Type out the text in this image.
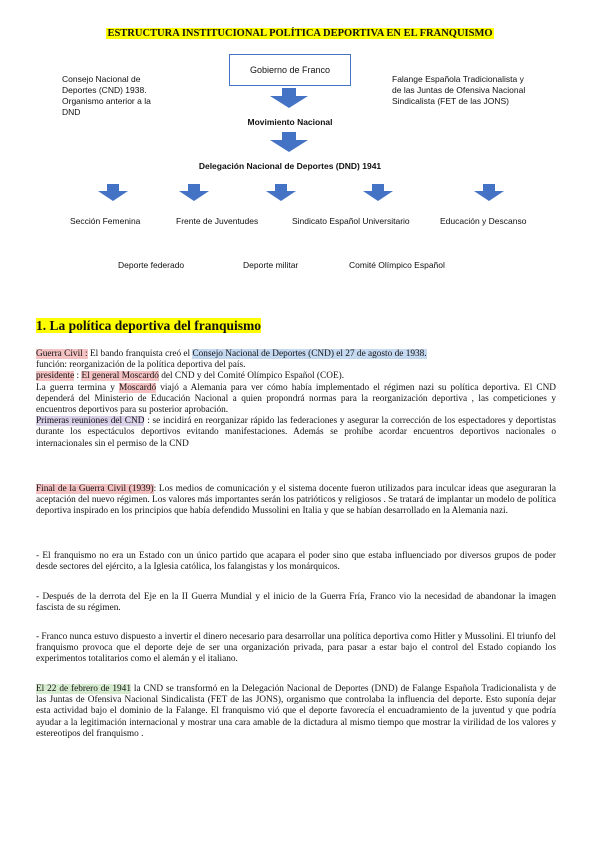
ESTRUCTURA INSTITUCIONAL POLÍTICA DEPORTIVA EN EL FRANQUISMO
Gobierno de Franco
Consejo Nacional de
Deportes (CND) 1938.
Organismo anterior a la
DND
Falange Española Tradicionalista y
de las Juntas de Ofensiva Nacional
Sindicalista (FET de las JONS)
Movimiento Nacional
Delegación Nacional de Deportes (DND) 1941
Sección Femenina	Frente de Juventudes	Sindicato Español Universitario	Educación y Descanso
Deporte federado	Deporte militar	Comité Olímpico Español
1. La política deportiva del franquismo
Guerra Civil : El bando franquista creó el Consejo Nacional de Deportes (CND) el 27 de agosto de 1938.
función: reorganización de la política deportiva del país.
presidente : El general Moscardó del CND y del Comité Olímpico Español (COE).
La guerra termina y Moscardó viajó a Alemania para ver cómo había implementado el régimen nazi su política deportiva. El CND dependerá del Ministerio de Educación Nacional a quien propondrá normas para la reorganización deportiva , las competiciones y encuentros deportivos para su posterior aprobación.
Primeras reuniones del CND : se incidirá en reorganizar rápido las federaciones y asegurar la corrección de los espectadores y deportistas durante los espectáculos deportivos evitando manifestaciones. Además se prohíbe acordar encuentros deportivos nacionales o internacionales sin el permiso de la CND
Final de la Guerra Civil (1939): Los medios de comunicación y el sistema docente fueron utilizados para inculcar ideas que aseguraran la aceptación del nuevo régimen. Los valores más importantes serán los patrióticos y religiosos . Se tratará de implantar un modelo de política deportiva inspirado en los principios que había defendido Mussolini en Italia y que se habían desarrollado en la Alemania nazi.
- El franquismo no era un Estado con un único partido que acapara el poder sino que estaba influenciado por diversos grupos de poder desde sectores del ejército, a la Iglesia católica, los falangistas y los monárquicos.
- Después de la derrota del Eje en la II Guerra Mundial y el inicio de la Guerra Fría, Franco vio la necesidad de abandonar la imagen fascista de su régimen.
- Franco nunca estuvo dispuesto a invertir el dinero necesario para desarrollar una política deportiva como Hitler y Mussolini. El triunfo del franquismo provoca que el deporte deje de ser una organización privada, para pasar a estar bajo el control del Estado copiando los experimentos totalitarios como el alemán y el italiano.
El 22 de febrero de 1941 la CND se transformó en la Delegación Nacional de Deportes (DND) de Falange Española Tradicionalista y de las Juntas de Ofensiva Nacional Sindicalista (FET de las JONS), organismo que controlaba la influencia del deporte. Esto suponía dejar esta actividad bajo el dominio de la Falange. El franquismo vió que el deporte favorecía el encuadramiento de la juventud y que podría ayudar a la legitimación internacional y mostrar una cara amable de la dictadura al mismo tiempo que mostrar la virilidad de los valores y estereotipos del franquismo .
